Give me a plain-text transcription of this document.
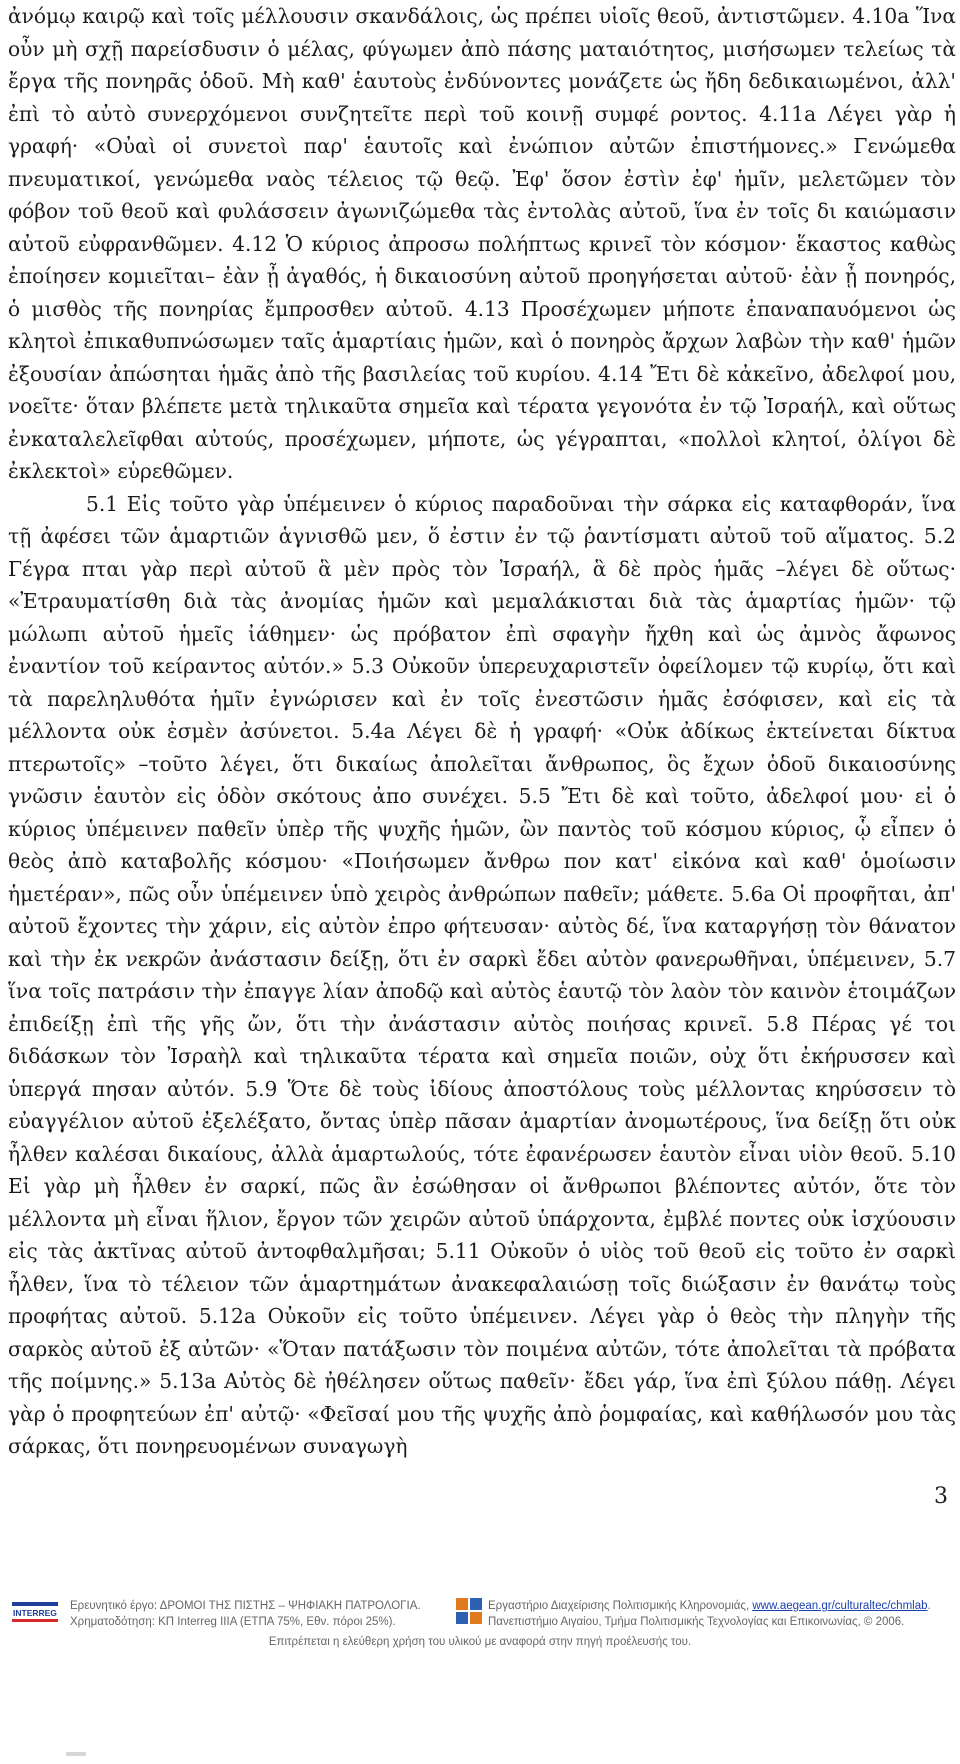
ἀνόμῳ καιρῷ καὶ τοῖς μέλλουσιν σκανδάλοις, ὡς πρέπει υἱοῖς θεοῦ, ἀντιστῶμεν. 4.10a Ἵνα οὖν μὴ σχῇ παρείσδυσιν ὁ μέλας, φύγωμεν ἀπὸ πάσης ματαιότητος, μισήσωμεν τελείως τὰ ἔργα τῆς πονηρᾶς ὁδοῦ. Μὴ καθ' ἑαυτοὺς ἐνδύνοντες μονάζετε ὡς ἤδη δεδικαιωμένοι, ἀλλ' ἐπὶ τὸ αὐτὸ συνερχόμενοι συνζητεῖτε περὶ τοῦ κοινῇ συμφέ ροντος. 4.11a Λέγει γὰρ ἡ γραφή· «Οὐαὶ οἱ συνετοὶ παρ' ἑαυτοῖς καὶ ἐνώπιον αὐτῶν ἐπιστήμονες.» Γενώμεθα πνευματικοί, γενώμεθα ναὸς τέλειος τῷ θεῷ. Ἐφ' ὅσον ἐστὶν ἐφ' ἡμῖν, μελετῶμεν τὸν φόβον τοῦ θεοῦ καὶ φυλάσσειν ἀγωνιζώμεθα τὰς ἐντολὰς αὐτοῦ, ἵνα ἐν τοῖς δι καιώμασιν αὐτοῦ εὐφρανθῶμεν. 4.12 Ὁ κύριος ἀπροσω πολήπτως κρινεῖ τὸν κόσμον· ἕκαστος καθὼς ἐποίησεν κομιεῖται– ἐὰν ᾖ ἀγαθός, ἡ δικαιοσύνη αὐτοῦ προηγήσεται αὐτοῦ· ἐὰν ᾖ πονηρός, ὁ μισθὸς τῆς πονηρίας ἔμπροσθεν αὐτοῦ. 4.13 Προσέχωμεν μήποτε ἐπαναπαυόμενοι ὡς κλητοὶ ἐπικαθυπνώσωμεν ταῖς ἁμαρτίαις ἡμῶν, καὶ ὁ πονηρὸς ἄρχων λαβὼν τὴν καθ' ἡμῶν ἐξουσίαν ἀπώσηται ἡμᾶς ἀπὸ τῆς βασιλείας τοῦ κυρίου. 4.14 Ἔτι δὲ κἀκεῖνο, ἀδελφοί μου, νοεῖτε· ὅταν βλέπετε μετὰ τηλικαῦτα σημεῖα καὶ τέρατα γεγονότα ἐν τῷ Ἰσραήλ, καὶ οὕτως ἐνκαταλελεῖφθαι αὐτούς, προσέχωμεν, μήποτε, ὡς γέγραπται, «πολλοὶ κλητοί, ὀλίγοι δὲ ἐκλεκτοὶ» εὑρεθῶμεν.

5.1 Εἰς τοῦτο γὰρ ὑπέμεινεν ὁ κύριος παραδοῦναι τὴν σάρκα εἰς καταφθοράν, ἵνα τῇ ἀφέσει τῶν ἁμαρτιῶν ἁγνισθῶ μεν, ὅ ἐστιν ἐν τῷ ῥαντίσματι αὐτοῦ τοῦ αἵματος. 5.2 Γέγρα πται γὰρ περὶ αὐτοῦ ἃ μὲν πρὸς τὸν Ἰσραήλ, ἃ δὲ πρὸς ἡμᾶς –λέγει δὲ οὕτως· «Ἐτραυματίσθη διὰ τὰς ἀνομίας ἡμῶν καὶ μεμαλάκισται διὰ τὰς ἁμαρτίας ἡμῶν· τῷ μώλωπι αὐτοῦ ἡμεῖς ἰάθημεν· ὡς πρόβατον ἐπὶ σφαγὴν ἤχθη καὶ ὡς ἀμνὸς ἄφωνος ἐναντίον τοῦ κείραντος αὐτόν.» 5.3 Οὐκοῦν ὑπερευχαριστεῖν ὀφείλομεν τῷ κυρίῳ, ὅτι καὶ τὰ παρεληλυθότα ἡμῖν ἐγνώρισεν καὶ ἐν τοῖς ἐνεστῶσιν ἡμᾶς ἐσόφισεν, καὶ εἰς τὰ μέλλοντα οὐκ ἐσμὲν ἀσύνετοι. 5.4a Λέγει δὲ ἡ γραφή· «Οὐκ ἀδίκως ἐκτείνεται δίκτυα πτερωτοῖς» –τοῦτο λέγει, ὅτι δικαίως ἀπολεῖται ἄνθρωπος, ὃς ἔχων ὁδοῦ δικαιοσύνης γνῶσιν ἑαυτὸν εἰς ὁδὸν σκότους ἀπο συνέχει. 5.5 Ἔτι δὲ καὶ τοῦτο, ἀδελφοί μου· εἰ ὁ κύριος ὑπέμεινεν παθεῖν ὑπὲρ τῆς ψυχῆς ἡμῶν, ὢν παντὸς τοῦ κόσμου κύριος, ᾧ εἶπεν ὁ θεὸς ἀπὸ καταβολῆς κόσμου· «Ποιήσωμεν ἄνθρω πον κατ' εἰκόνα καὶ καθ' ὁμοίωσιν ἡμετέραν», πῶς οὖν ὑπέμεινεν ὑπὸ χειρὸς ἀνθρώπων παθεῖν; μάθετε. 5.6a Οἱ προφῆται, ἀπ' αὐτοῦ ἔχοντες τὴν χάριν, εἰς αὐτὸν ἐπρο φήτευσαν· αὐτὸς δέ, ἵνα καταργήσῃ τὸν θάνατον καὶ τὴν ἐκ νεκρῶν ἀνάστασιν δείξῃ, ὅτι ἐν σαρκὶ ἔδει αὐτὸν φανερωθῆναι, ὑπέμεινεν, 5.7 ἵνα τοῖς πατράσιν τὴν ἐπαγγε λίαν ἀποδῷ καὶ αὐτὸς ἑαυτῷ τὸν λαὸν τὸν καινὸν ἑτοιμάζων ἐπιδείξῃ ἐπὶ τῆς γῆς ὤν, ὅτι τὴν ἀνάστασιν αὐτὸς ποιήσας κρινεῖ. 5.8 Πέρας γέ τοι διδάσκων τὸν Ἰσραὴλ καὶ τηλικαῦτα τέρατα καὶ σημεῖα ποιῶν, οὐχ ὅτι ἐκήρυσσεν καὶ ὑπεργά πησαν αὐτόν. 5.9 Ὅτε δὲ τοὺς ἰδίους ἀποστόλους τοὺς μέλλοντας κηρύσσειν τὸ εὐαγγέλιον αὐτοῦ ἐξελέξατο, ὄντας ὑπὲρ πᾶσαν ἁμαρτίαν ἀνομωτέρους, ἵνα δείξῃ ὅτι οὐκ ἦλθεν καλέσαι δικαίους, ἀλλὰ ἁμαρτωλούς, τότε ἐφανέρωσεν ἑαυτὸν εἶναι υἱὸν θεοῦ. 5.10 Εἰ γὰρ μὴ ἦλθεν ἐν σαρκί, πῶς ἂν ἐσώθησαν οἱ ἄνθρωποι βλέποντες αὐτόν, ὅτε τὸν μέλλοντα μὴ εἶναι ἥλιον, ἔργον τῶν χειρῶν αὐτοῦ ὑπάρχοντα, ἐμβλέ ποντες οὐκ ἰσχύουσιν εἰς τὰς ἀκτῖνας αὐτοῦ ἀντοφθαλμῆσαι; 5.11 Οὐκοῦν ὁ υἱὸς τοῦ θεοῦ εἰς τοῦτο ἐν σαρκὶ ἦλθεν, ἵνα τὸ τέλειον τῶν ἁμαρτημάτων ἀνακεφαλαιώσῃ τοῖς διώξασιν ἐν θανάτῳ τοὺς προφήτας αὐτοῦ. 5.12a Οὐκοῦν εἰς τοῦτο ὑπέμεινεν. Λέγει γὰρ ὁ θεὸς τὴν πληγὴν τῆς σαρκὸς αὐτοῦ ἐξ αὐτῶν· «Ὅταν πατάξωσιν τὸν ποιμένα αὐτῶν, τότε ἀπολεῖται τὰ πρόβατα τῆς ποίμνης.» 5.13a Αὐτὸς δὲ ἠθέλησεν οὕτως παθεῖν· ἔδει γάρ, ἵνα ἐπὶ ξύλου πάθῃ. Λέγει γὰρ ὁ προφητεύων ἐπ' αὐτῷ· «Φεῖσαί μου τῆς ψυχῆς ἀπὸ ῥομφαίας, καὶ καθήλωσόν μου τὰς σάρκας, ὅτι πονηρευομένων συναγωγὴ

3
INTERREG
Ερευνητικό έργο: ΔΡΟΜΟΙ ΤΗΣ ΠΙΣΤΗΣ – ΨΗΦΙΑΚΗ ΠΑΤΡΟΛΟΓΙΑ.
Χρηματοδότηση: ΚΠ Interreg IIIA (ΕΤΠΑ 75%, Εθν. πόροι 25%).
Εργαστήριο Διαχείρισης Πολιτισμικής Κληρονομιάς, www.aegean.gr/culturaltec/chmlab.
Πανεπιστήμιο Αιγαίου, Τμήμα Πολιτισμικής Τεχνολογίας και Επικοινωνίας, © 2006.
Επιτρέπεται η ελεύθερη χρήση του υλικού με αναφορά στην πηγή προέλευσής του.
